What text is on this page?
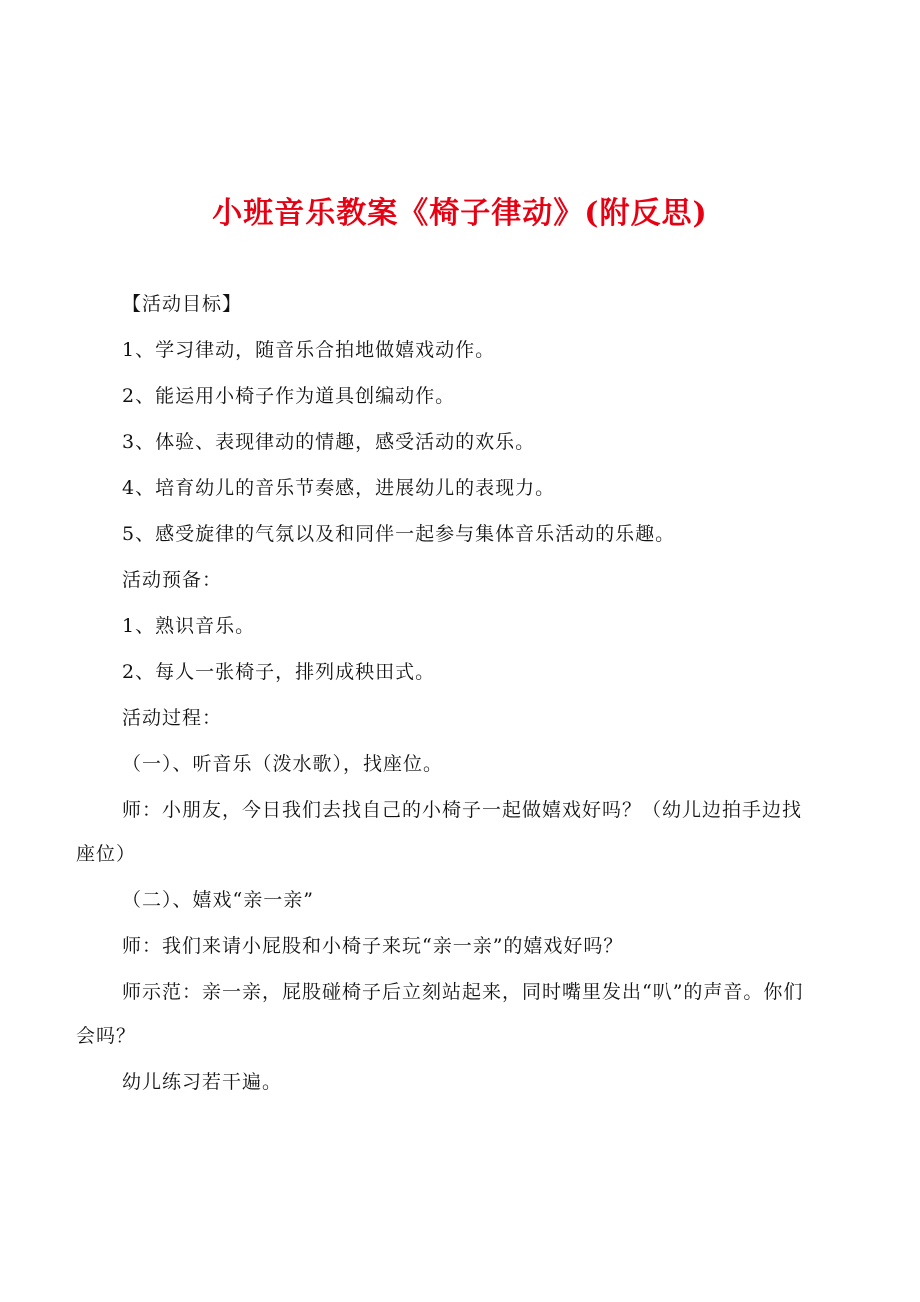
小班音乐教案《椅子律动》(附反思)

【活动目标】

1、学习律动，随音乐合拍地做嬉戏动作。

2、能运用小椅子作为道具创编动作。

3、体验、表现律动的情趣，感受活动的欢乐。

4、培育幼儿的音乐节奏感，进展幼儿的表现力。

5、感受旋律的气氛以及和同伴一起参与集体音乐活动的乐趣。

活动预备：

1、熟识音乐。

2、每人一张椅子，排列成秧田式。

活动过程：

（一）、听音乐（泼水歌），找座位。

师：小朋友，今日我们去找自己的小椅子一起做嬉戏好吗？（幼儿边拍手边找座位）

（二）、嬉戏“亲一亲”

师：我们来请小屁股和小椅子来玩“亲一亲”的嬉戏好吗？

师示范：亲一亲，屁股碰椅子后立刻站起来，同时嘴里发出“叭”的声音。你们会吗？

幼儿练习若干遍。
